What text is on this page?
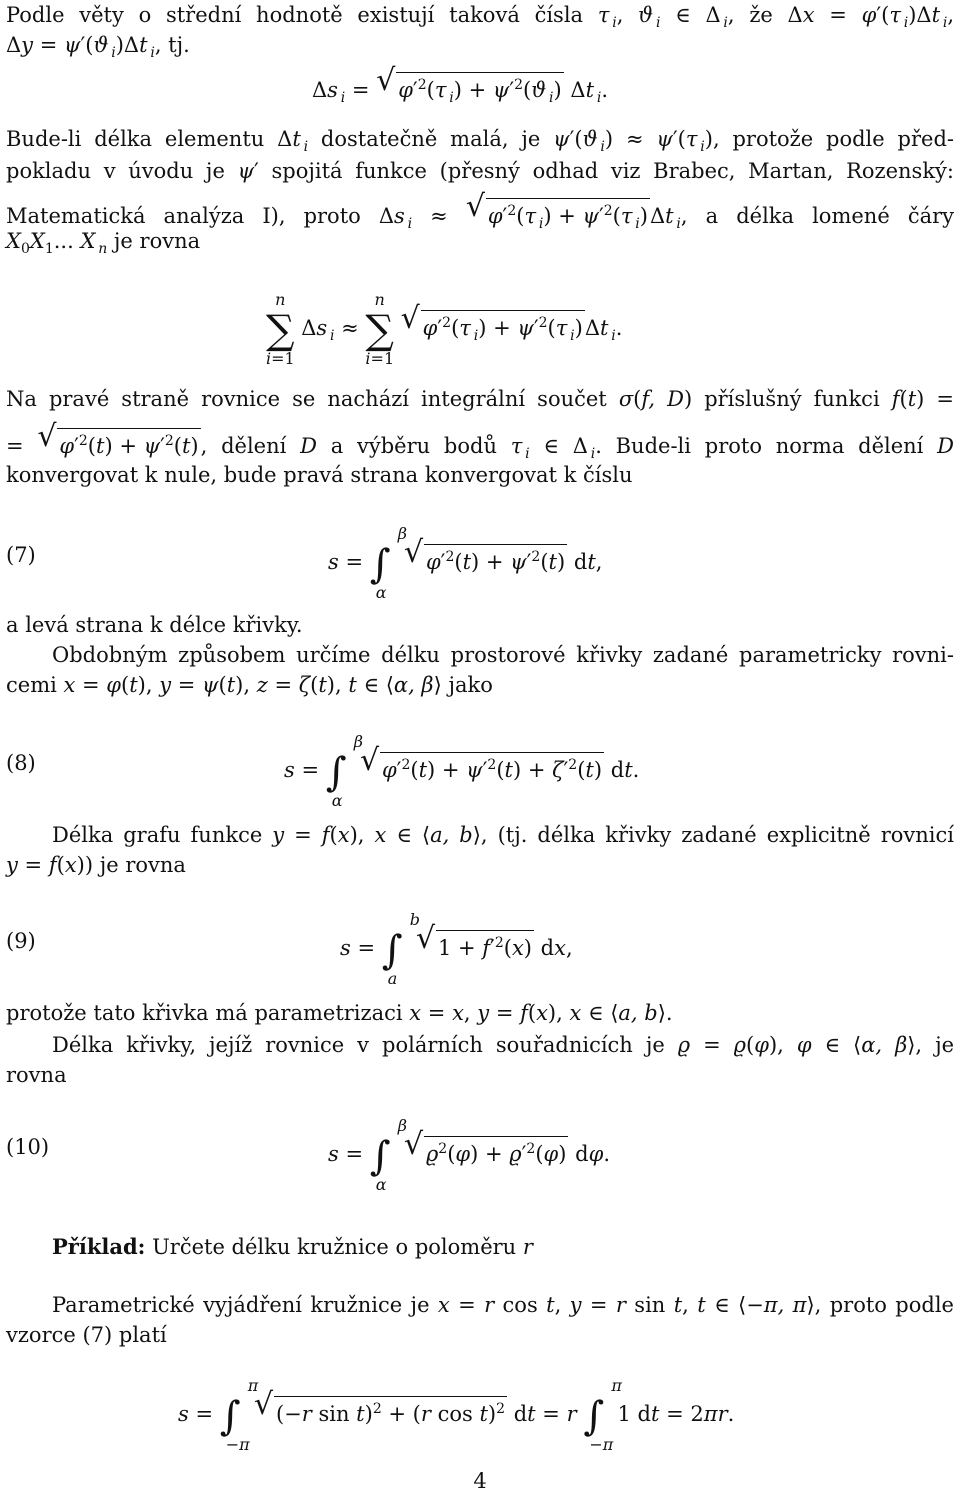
Podle věty o střední hodnotě existují taková čísla τ  $_i$, ϑ  $_i$ ∈ Δ  $_i$, že Δx = φ′(τ  $_i$)Δt  $_i$,
Δy = ψ′(ϑ  $_i$)Δt  $_i$, tj.
Δs  $_i$ = √ $\varphi'^2(\tau$  $_i) + \psi'^2(ϑ$  $_i$) Δt  $_i$.
Bude-li délka elementu Δt  $_i$ dostatečně malá, je ψ′(ϑ  $_i$) ≈ ψ′(τ  $_i$), protože podle před-
pokladu v úvodu je ψ′ spojitá funkce (přesný odhad viz Brabec, Martan, Rozenský:
Matematická analýza I), proto Δs  $_i$ ≈ √ $\varphi'^2(\tau$  $_i) + \psi'^2(\tau$  $_i$)Δt  $_i$, a délka lomené čáry
$X_0X_1$... X  $_n$ je rovna
n
∑
i=1
Δs  $_i$ ≈
n
∑
i=1
√ $\varphi'^2(\tau$  $_i) + \psi'^2(\tau$  $_i$)Δt  $_i$.
Na pravé straně rovnice se nachází integrální součet σ(f, D) příslušný funkci f(t) =
= √ $\varphi'^2(t) + \psi'^2(t)$, dělení D a výběru bodů τ  $_i$ ∈ Δ  $_i$. Bude-li proto norma dělení D
konvergovat k nule, bude pravá strana konvergovat k číslu
(7)	s =
β
∫
α
√ $\varphi'^2(t) + \psi'^2(t)$ dt,
a levá strana k délce křivky.
Obdobným způsobem určíme délku prostorové křivky zadané parametricky rovni-
cemi x = φ(t), y = ψ(t), z = ζ(t), t ∈ ⟨α, β⟩ jako
(8)	s =
β
∫
α
√ $\varphi'^2(t) + \psi'^2(t) + \zeta'^2(t)$ dt.
Délka grafu funkce y = f(x), x ∈ ⟨a, b⟩, (tj. délka křivky zadané explicitně rovnicí
y = f(x)) je rovna
(9)	s =
b
∫
a
√ $1 + f'^2(x)$ dx,
protože tato křivka má parametrizaci x = x, y = f(x), x ∈ ⟨a, b⟩.
Délka křivky, jejíž rovnice v polárních souřadnicích je ϱ = ϱ(φ), φ ∈ ⟨α, β⟩, je
rovna
(10)	s =
β
∫
α
√ $ϱ^2(\varphi) + ϱ'^2(\varphi)$ dφ.
Příklad: Určete délku kružnice o poloměru r
Parametrické vyjádření kružnice je x = r cos t, y = r sin t, t ∈ ⟨−π, π⟩, proto podle
vzorce (7) platí
s =
π
∫
−π
√ (−r sin t)$^2$ + (r cos t)$^2$ dt = r
π
∫
−π
1 dt = 2πr.
4
